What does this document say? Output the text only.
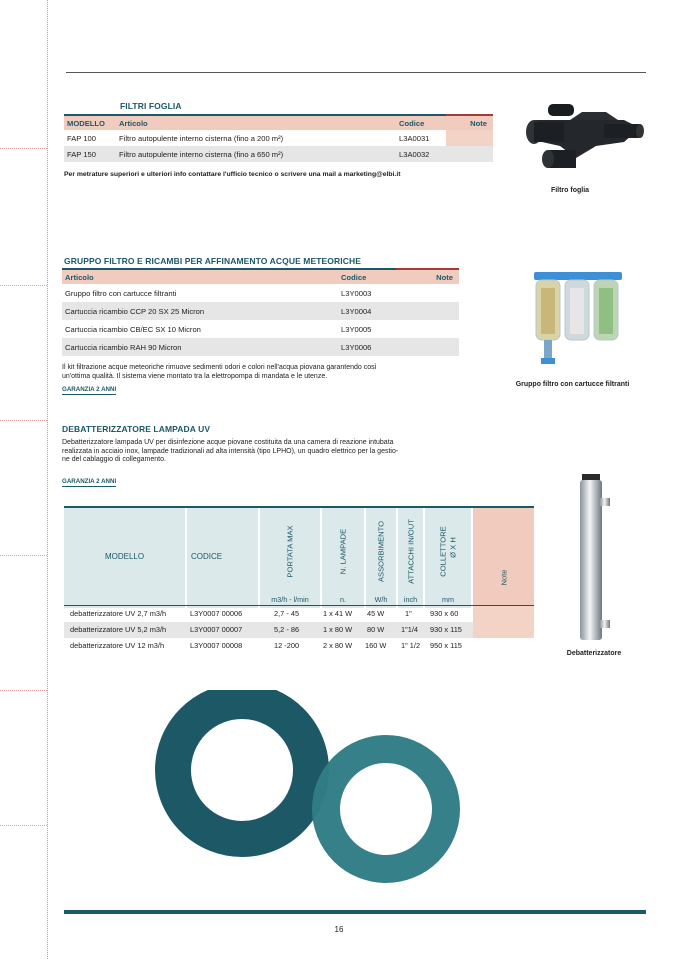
FILTRI FOGLIA
MODELLO	Articolo	Codice	Note
FAP 100	Filtro autopulente interno cisterna (fino a 200 m²)	L3A0031	
FAP 150	Filtro autopulente interno cisterna (fino a 650 m²)	L3A0032	
Per metrature superiori e ulteriori info contattare l'ufficio tecnico o scrivere una mail a marketing@elbi.it
Filtro foglia
GRUPPO FILTRO E RICAMBI PER AFFINAMENTO ACQUE METEORICHE
Articolo	Codice	Note
Gruppo filtro con cartucce filtranti	L3Y0003	
Cartuccia ricambio CCP 20 SX 25 Micron	L3Y0004	
Cartuccia ricambio CB/EC SX 10 Micron	L3Y0005	
Cartuccia ricambio RAH 90 Micron	L3Y0006	
Il kit filtrazione acque meteoriche rimuove sedimenti odori e colori nell'acqua piovana garantendo così
un'ottima qualità. Il sistema viene montato tra la elettropompa di mandata e le utenze.
GARANZIA 2 ANNI
Gruppo filtro con cartucce filtranti
DEBATTERIZZATORE LAMPADA UV
Debatterizzatore lampada UV per disinfezione acque piovane costituita da una camera di reazione intubata
realizzata in acciaio inox, lampade tradizionali ad alta intensità (tipo LPHO), un quadro elettrico per la gestio-
ne del cablaggio di collegamento.
GARANZIA 2 ANNI
MODELLO	CODICE	PORTATA MAX	N. LAMPADE	ASSORBIMENTO	ATTACCHI IN/OUT	COLLETTORE Ø X H
Note
m3/h - l/min	n.	W/h	inch	mm
debatterizzatore UV 2,7 m3/h	L3Y0007 00006	2,7 - 45	1 x 41 W 45 W	1" 930 x 60
debatterizzatore UV 5,2 m3/h	L3Y0007 00007	5,2 - 86	1 x 80 W 80 W 1"1/4 930 x 115
debatterizzatore UV 12 m3/h	L3Y0007 00008	12 -200	2 x 80 W 160 W 1" 1/2 950 x 115
Debatterizzatore
16
